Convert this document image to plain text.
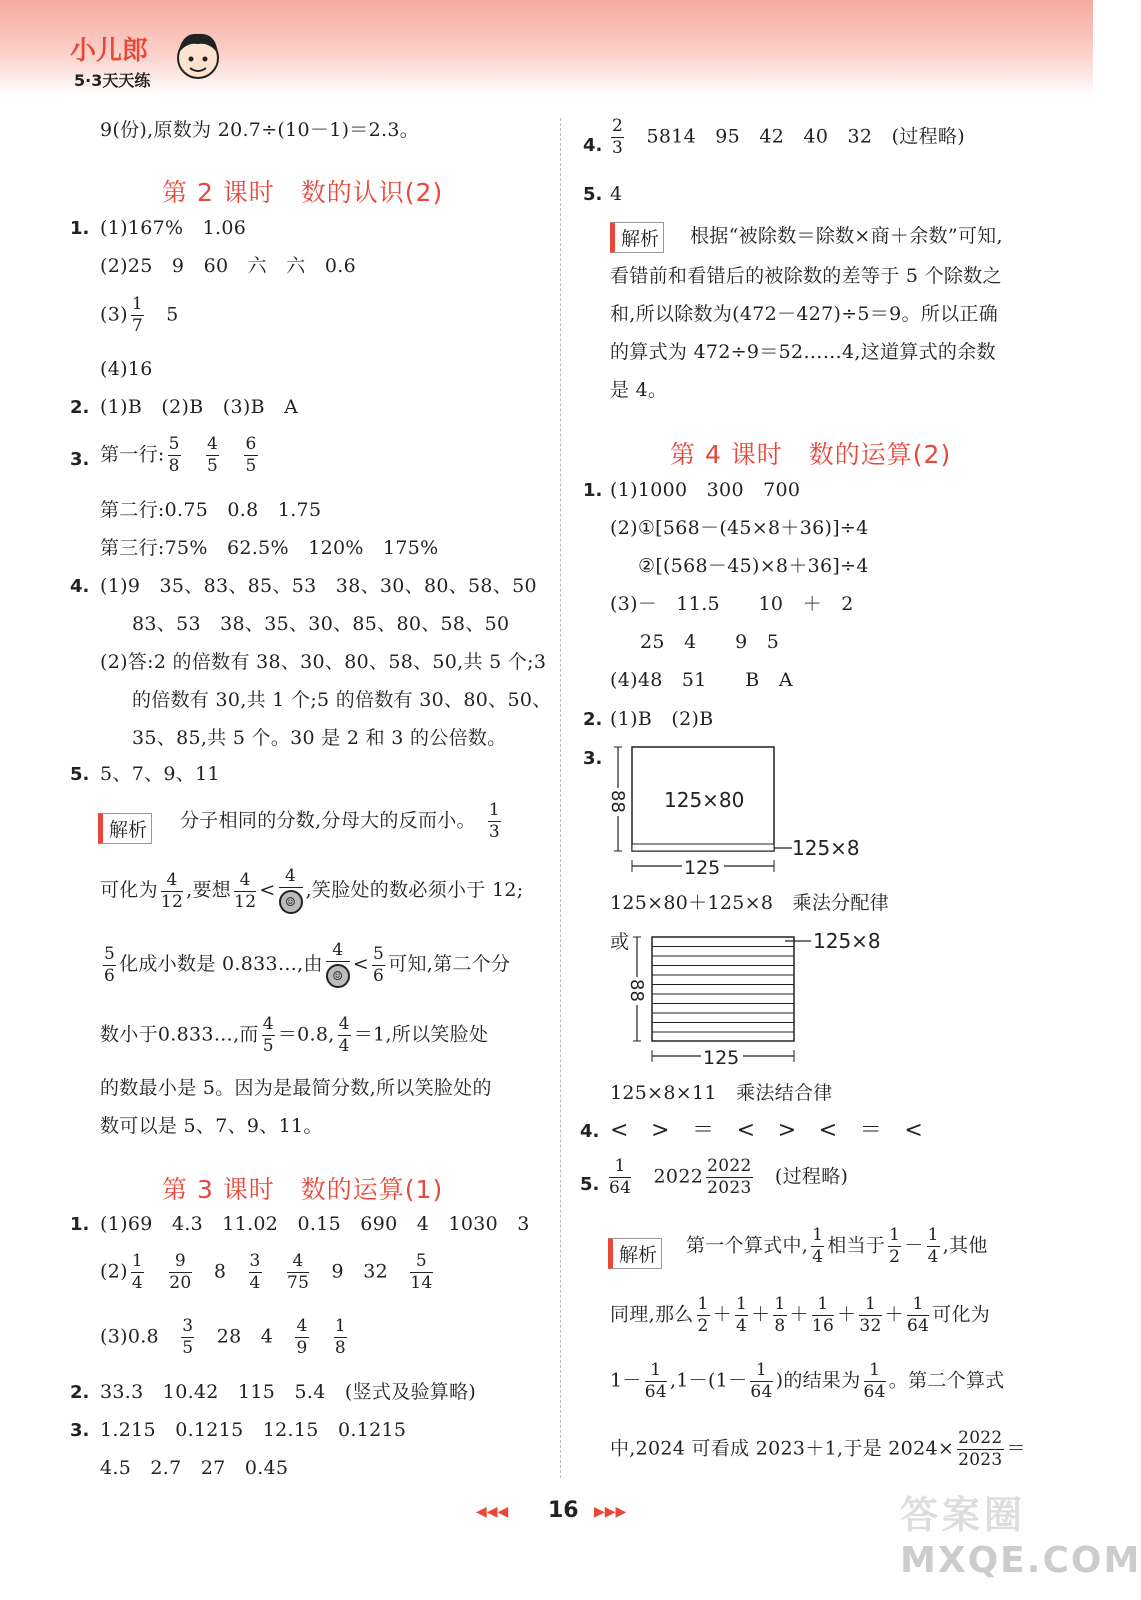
小儿郎
5·3天天练
9(份),原数为 20.7÷(10－1)＝2.3。
第 2 课时　数的认识(2)
1. (1)167%　1.06
(2)25　9　60　六　六　0.6
$(3) \frac{1}{7}$
　 5
(4)16
2. (1)B　(2)B　(3)B　A
3. 第一行: $\frac{5}{8}$
　 $\frac{4}{5}$
　 $\frac{6}{5}$
第二行:0.75　0.8　1.75
第三行:75%　62.5%　120%　175%
4. (1)9　35、83、85、53　38、30、80、58、50
83、53　38、35、30、85、80、58、50
(2)答:2 的倍数有 38、30、80、58、50,共 5 个;3
的倍数有 30,共 1 个;5 的倍数有 30、80、50、
35、85,共 5 个。30 是 2 和 3 的公倍数。
5. 5、7、9、11
解析 分子相同的分数,分母大的反而小。 $\frac{1}{3}$
可化为 $\frac{4}{12}$ ,要想 $\frac{4}{12} < \frac{4}{☺}$ ,笑脸处的数必须小于 12;
$\frac{5}{6}$ 化成小数是 0.833…,由 $\frac{4}{☺} < \frac{5}{6}$ 可知,第二个分
数小于0.833…,而 $\frac{4}{5} =0.8$, $\frac{4}{4} =1$,所以笑脸处
的数最小是 5。因为是最简分数,所以笑脸处的
数可以是 5、7、9、11。
第 3 课时　数的运算(1)
1. (1)69　4.3　11.02　0.15　690　4　1030　3
$(2) \frac{1}{4}$
　 $\frac{9}{20}$
　 8　 $\frac{3}{4}$
　 $\frac{4}{75}$
　 9　32　 $\frac{5}{14}$
(3)0.8　 $\frac{3}{5}$
　 28　4　 $\frac{4}{9}$
　 $\frac{1}{8}$
2. 33.3　10.42　115　5.4　(竖式及验算略)
3. 1.215　0.1215　12.15　0.1215
4.5　2.7　27　0.45
4. $\frac{2}{3}$
　 5814　95　42　40　32　(过程略)
5. 4
解析 根据“被除数＝除数×商＋余数”可知,
看错前和看错后的被除数的差等于 5 个除数之
和,所以除数为(472－427)÷5＝9。所以正确
的算式为 472÷9＝52……4,这道算式的余数
是 4。
第 4 课时　数的运算(2)
1. (1)1000　300　700
(2)①[568－(45×8＋36)]÷4
②[(568－45)×8＋36]÷4
(3)－　11.5　　10　＋　2
25　4　　9　5
(4)48　51　　B　A
2. (1)B　(2)B
3.
125×80
88
125
125×8
125×80＋125×8　乘法分配律
或
88
125
125×8
125×8×11　乘法结合律
4. <　>　＝　<　>　<　＝　<
5. $\frac{1}{64}$
　 $2022 \frac{2022}{2023}$
　 (过程略)
解析 第一个算式中, $\frac{1}{4}$ 相当于 $\frac{1}{2} - \frac{1}{4}$ ,其他
同理,那么 $\frac{1}{2} + \frac{1}{4} + \frac{1}{8} + \frac{1}{16} + \frac{1}{32} + \frac{1}{64}$ 可化为
$1- \frac{1}{64} ,1-(1- \frac{1}{64}$ )的结果为 $\frac{1}{64}$ 。第二个算式
中,2024 可看成 2023＋1,于是 $2024\times \frac{2022}{2023}$ ＝
◀◀◀ 16 ▶▶▶	答案圈
MXQE.COM
